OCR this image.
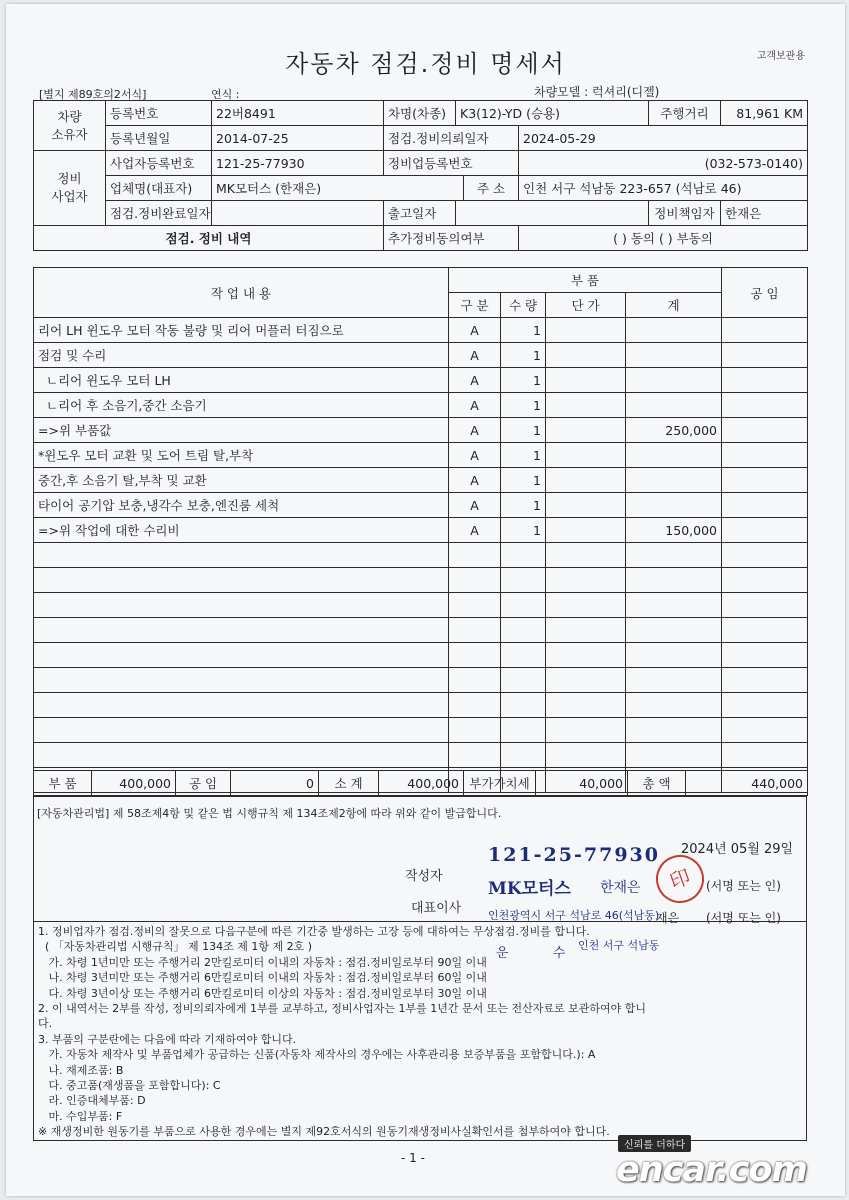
자동차 점검.정비 명세서	고객보관용
[별지 제89호의2서식]	연식 :	차량모델 : 럭셔리(디젤)
차량
소유자	등록번호	22버8491	차명(차종)	K3(12)-YD (승용)			주행거리	81,961 KM
	등록년월일	2014-07-25	점검.정비의뢰일자			2024-05-29		
정비
사업자	사업자등록번호	121-25-77930	정비업등록번호			(032-573-0140)		
	업체명(대표자)	MK모터스 (한재은)			주 소	인천 서구 석남동 223-657 (석남로 46)		
	점검.정비완료일자		출고일자				정비책임자	한재은
점검. 정비 내역			추가정비동의여부			( ) 동의 ( ) 부동의		
작 업 내 용	부 품				공 임
	구 분	수 량	단 가	계	
리어 LH 윈도우 모터 작동 불량 및 리어 머플러 터짐으로	A	1			
점검 및 수리	A	1			
ㄴ리어 윈도우 모터 LH	A	1			
ㄴ리어 후 소음기,중간 소음기	A	1			
=>위 부품값	A	1		250,000	
*윈도우 모터 교환 및 도어 트림 탈,부착	A	1			
중간,후 소음기 탈,부착 및 교환	A	1			
타이어 공기압 보충,냉각수 보충,엔진룸 세척	A	1			
=>위 작업에 대한 수리비	A	1		150,000	

부 품	400,000	공 임	0	소 계	400,000	부가가치세	40,000	총 액	440,000
[자동차관리법] 제 58조제4항 및 같은 법 시행규칙 제 134조제2항에 따라 위와 같이 발급합니다.
2024년 05월 29일
작성자
대표이사
121-25-77930
MK모터스 한재은
인천광역시 서구 석남로 46(석남동)
운 수
印	(서명 또는 인)
재은 (서명 또는 인)
1. 정비업자가 점검.정비의 잘못으로 다음구분에 따른 기간중 발생하는 고장 등에 대하여는 무상점검.정비를 합니다.
( 「자동차관리법 시행규칙」 제 134조 제 1항 제 2호 )
가. 차령 1년미만 또는 주행거리 2만킬로미터 이내의 자동차 : 점검.정비일로부터 90일 이내
나. 차령 3년미만 또는 주행거리 6만킬로미터 이내의 자동차 : 점검.정비일로부터 60일 이내
다. 차령 3년이상 또는 주행거리 6만킬로미터 이상의 자동차 : 점검.정비일로부터 30일 이내
2. 이 내역서는 2부를 작성, 정비의뢰자에게 1부를 교부하고, 정비사업자는 1부를 1년간 문서 또는 전산자료로 보관하여야 합니
다.
3. 부품의 구분란에는 다음에 따라 기재하여야 합니다.
가. 자동차 제작사 및 부품업체가 공급하는 신품(자동차 제작사의 경우에는 사후관리용 보증부품을 포함합니다.): A
나. 재제조품: B
다. 중고품(재생품을 포함합니다): C
라. 인증대체부품: D
마. 수입부품: F
※ 재생정비한 원동기를 부품으로 사용한 경우에는 별지 제92호서식의 원동기재생정비사실확인서를 첨부하여야 합니다.
인천 서구 석남동
- 1 -
신뢰를 더하다
encar.com
